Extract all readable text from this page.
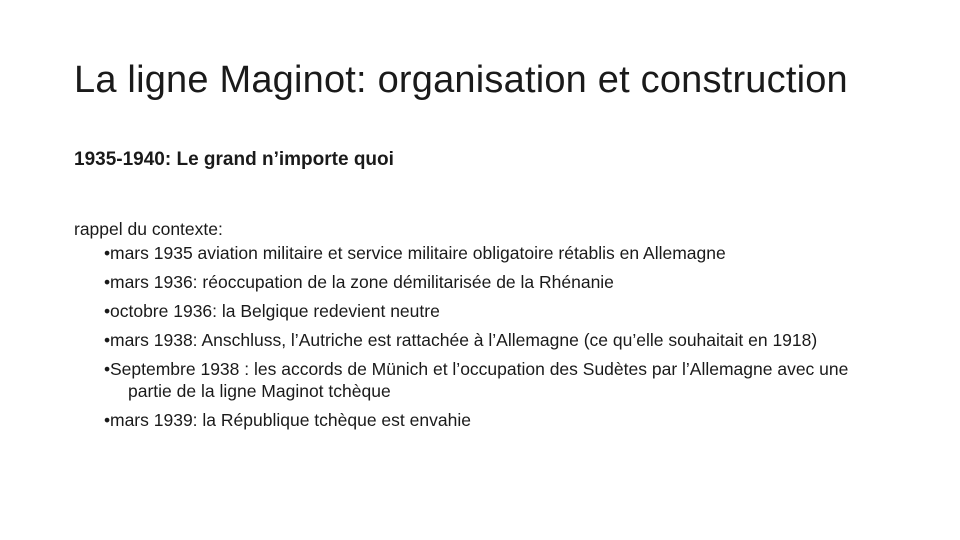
La ligne Maginot: organisation et construction
1935-1940: Le grand n’importe quoi
rappel du contexte:
• mars 1935 aviation militaire et service militaire obligatoire rétablis en Allemagne
• mars 1936: réoccupation de la zone démilitarisée de la Rhénanie
• octobre 1936: la Belgique redevient neutre
• mars 1938: Anschluss, l’Autriche est rattachée à l’Allemagne (ce qu’elle souhaitait en 1918)
• Septembre 1938 : les accords de Münich et l’occupation des Sudètes par l’Allemagne avec une partie de la ligne Maginot tchèque
• mars 1939: la République tchèque est envahie
